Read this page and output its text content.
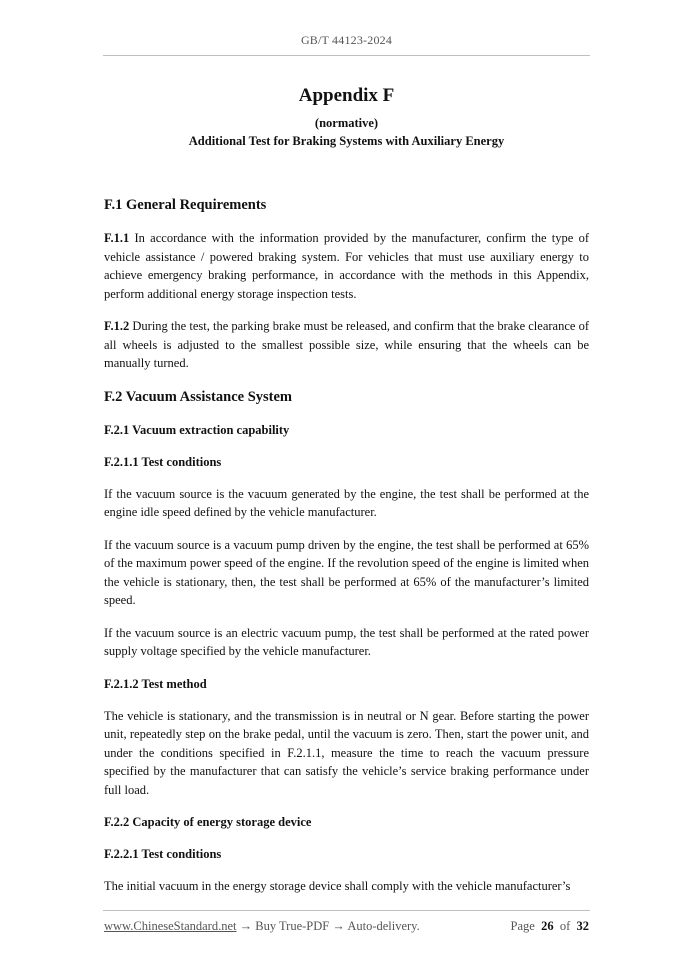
GB/T 44123-2024
Appendix F
(normative)
Additional Test for Braking Systems with Auxiliary Energy
F.1 General Requirements
F.1.1 In accordance with the information provided by the manufacturer, confirm the type of vehicle assistance / powered braking system. For vehicles that must use auxiliary energy to achieve emergency braking performance, in accordance with the methods in this Appendix, perform additional energy storage inspection tests.
F.1.2 During the test, the parking brake must be released, and confirm that the brake clearance of all wheels is adjusted to the smallest possible size, while ensuring that the wheels can be manually turned.
F.2 Vacuum Assistance System
F.2.1 Vacuum extraction capability
F.2.1.1 Test conditions
If the vacuum source is the vacuum generated by the engine, the test shall be performed at the engine idle speed defined by the vehicle manufacturer.
If the vacuum source is a vacuum pump driven by the engine, the test shall be performed at 65% of the maximum power speed of the engine. If the revolution speed of the engine is limited when the vehicle is stationary, then, the test shall be performed at 65% of the manufacturer’s limited speed.
If the vacuum source is an electric vacuum pump, the test shall be performed at the rated power supply voltage specified by the vehicle manufacturer.
F.2.1.2 Test method
The vehicle is stationary, and the transmission is in neutral or N gear. Before starting the power unit, repeatedly step on the brake pedal, until the vacuum is zero. Then, start the power unit, and under the conditions specified in F.2.1.1, measure the time to reach the vacuum pressure specified by the manufacturer that can satisfy the vehicle’s service braking performance under full load.
F.2.2 Capacity of energy storage device
F.2.2.1 Test conditions
The initial vacuum in the energy storage device shall comply with the vehicle manufacturer’s
www.ChineseStandard.net → Buy True-PDF → Auto-delivery.	Page 26 of 32
